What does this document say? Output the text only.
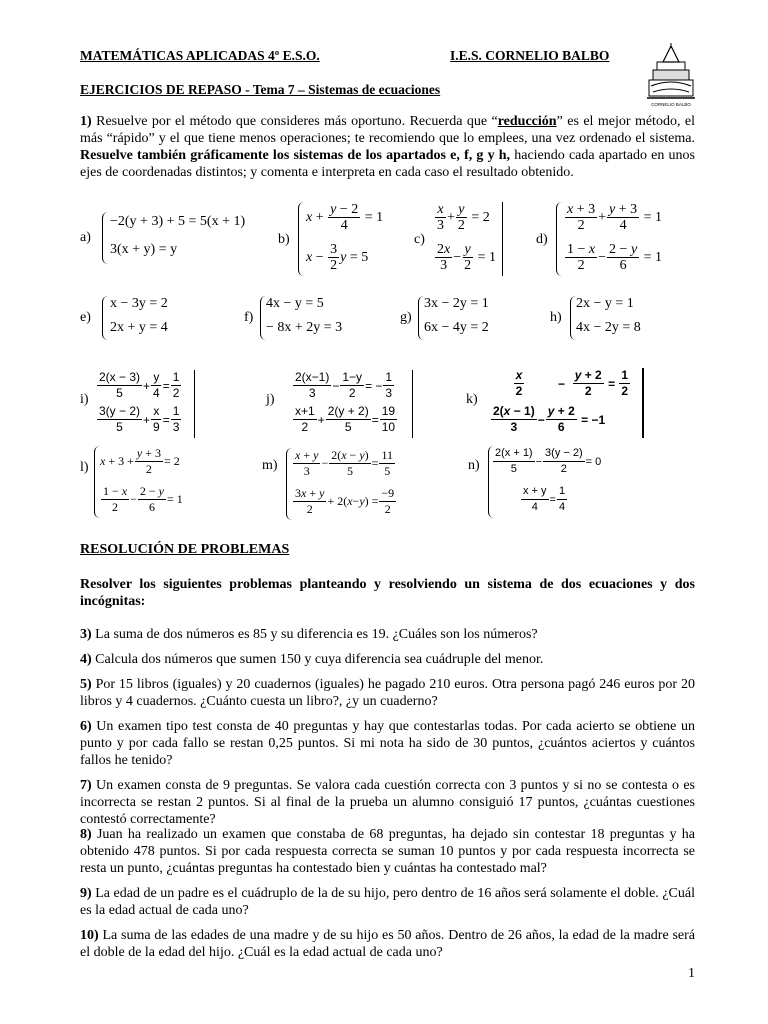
MATEMÁTICAS APLICADAS 4º E.S.O.	I.E.S. CORNELIO BALBO
EJERCICIOS DE REPASO - Tema 7 – Sistemas de ecuaciones
CORNELIO BALBO
1) Resuelve por el método que consideres más oportuno. Recuerda que “reducción” es el mejor método, el más “rápido” y el que tiene menos operaciones; te recomiendo que lo emplees, una vez ordenado el sistema. Resuelve también gráficamente los sistemas de los apartados e, f, g y h, haciendo cada apartado en unos ejes de coordenadas distintos; y comenta e interpreta en cada caso el resultado obtenido.
a)
−2(y + 3) + 5 = 5(x + 1)
3(x + y) = y
b)
$x + \frac{y - 2}{4} = 1$
$x - \frac{3}{2}$ y = 5
c)
$\frac{x}{3} + \frac{y}{2} = 2$
$\frac{2x}{3} - \frac{y}{2} = 1$
d)
$\frac{x + 3}{2} + \frac{y + 3}{4} = 1$
$\frac{1 - x}{2} - \frac{2 - y}{6} = 1$
e)
x − 3y = 2
2x + y = 4
f)
4x − y = 5
− 8x + 2y = 3
g)
3x − 2y = 1
6x − 4y = 2
h)
2x − y = 1
4x − 2y = 8
$i) \frac{2(x - 3)}{5} + \frac{y}{4} = \frac{1}{2}$
$\frac{3(y - 2)}{5} + \frac{x}{9} = \frac{1}{3}$
$j) \frac{2(x-1)}{3} - \frac{1-y}{2}$ = − $\frac{1}{3}$
$\frac{x+1}{2} + \frac{2(y + 2)}{5} = \frac{19}{10}$
k)
$\frac{x}{2} - \frac{y + 2}{2} = \frac{1}{2}$
$\frac{2(x - 1)}{3} - \frac{y + 2}{6} = -1$
l) $x + 3 + \frac{y + 3}{2} = 2$
$\frac{1 - x}{2} - \frac{2 - y}{6} = 1$
$m) \frac{x + y}{3} - \frac{2(x - y)}{5} = \frac{11}{5}$
$\frac{3x + y}{2} + 2$( x − y ) = $\frac{-9}{2}$
$n) \frac{2(x + 1)}{5} - \frac{3(y - 2)}{2} = 0$
$\frac{x + y}{4} = \frac{1}{4}$
RESOLUCIÓN DE PROBLEMAS
Resolver los siguientes problemas planteando y resolviendo un sistema de dos ecuaciones y dos incógnitas:
3) La suma de dos números es 85 y su diferencia es 19. ¿Cuáles son los números?
4) Calcula dos números que sumen 150 y cuya diferencia sea cuádruple del menor.
5) Por 15 libros (iguales) y 20 cuadernos (iguales) he pagado 210 euros. Otra persona pagó 246 euros por 20 libros y 4 cuadernos. ¿Cuánto cuesta un libro?, ¿y un cuaderno?
6) Un examen tipo test consta de 40 preguntas y hay que contestarlas todas. Por cada acierto se obtiene un punto y por cada fallo se restan 0,25 puntos. Si mi nota ha sido de 30 puntos, ¿cuántos aciertos y cuántos fallos he tenido?
7) Un examen consta de 9 preguntas. Se valora cada cuestión correcta con 3 puntos y si no se contesta o es incorrecta se restan 2 puntos. Si al final de la prueba un alumno consiguió 17 puntos, ¿cuántas cuestiones contestó correctamente?
8) Juan ha realizado un examen que constaba de 68 preguntas, ha dejado sin contestar 18 preguntas y ha obtenido 478 puntos. Si por cada respuesta correcta se suman 10 puntos y por cada respuesta incorrecta se resta un punto, ¿cuántas preguntas ha contestado bien y cuántas ha contestado mal?
9) La edad de un padre es el cuádruplo de la de su hijo, pero dentro de 16 años será solamente el doble. ¿Cuál es la edad actual de cada uno?
10) La suma de las edades de una madre y de su hijo es 50 años. Dentro de 26 años, la edad de la madre será el doble de la edad del hijo. ¿Cuál es la edad actual de cada uno?
1
